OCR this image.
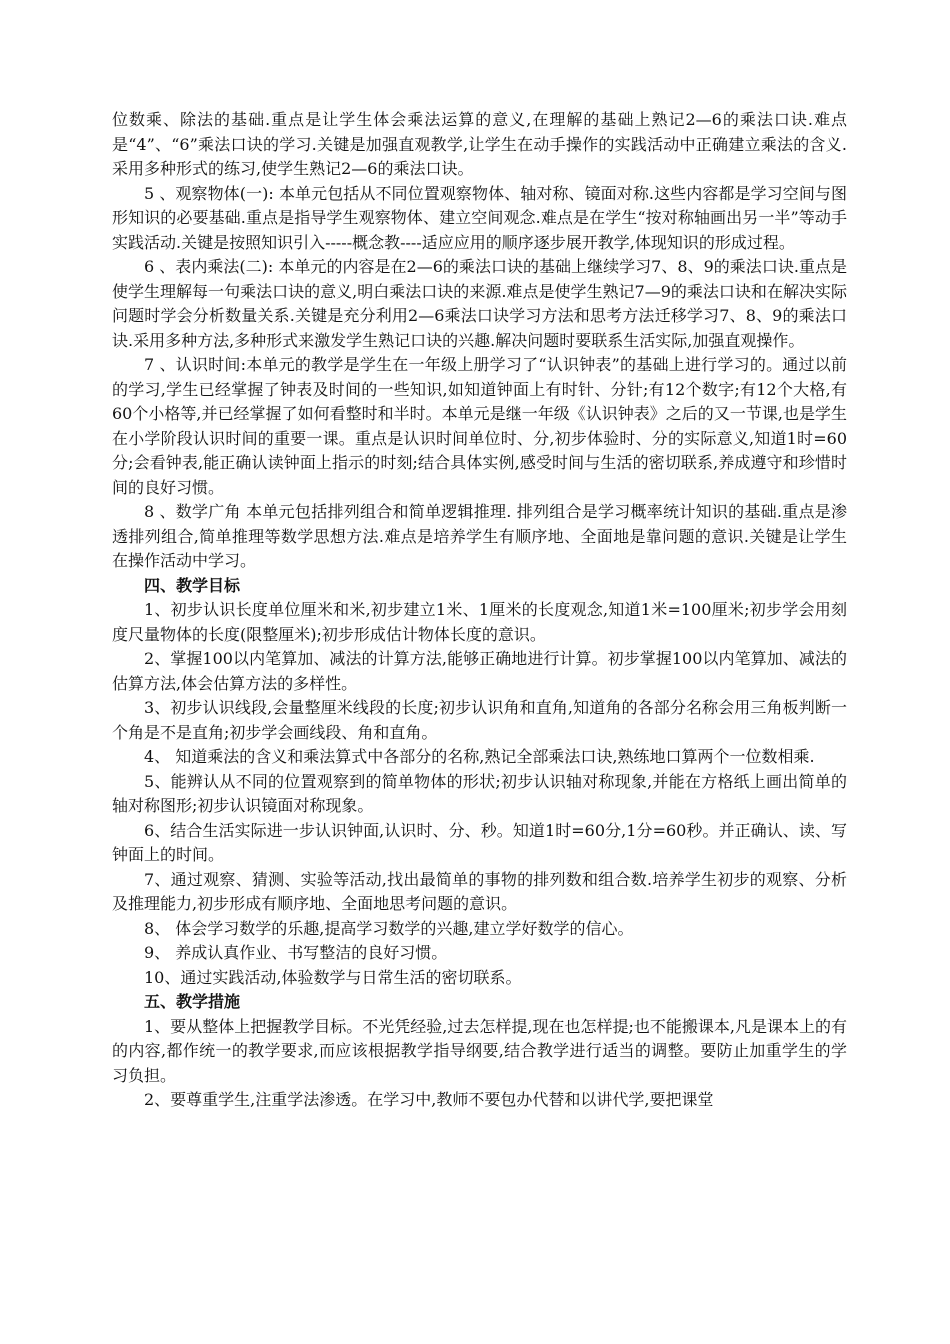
位数乘、除法的基础.重点是让学生体会乘法运算的意义,在理解的基础上熟记2—6的乘法口诀.难点是“4”、“6”乘法口诀的学习.关键是加强直观教学,让学生在动手操作的实践活动中正确建立乘法的含义.采用多种形式的练习,使学生熟记2—6的乘法口诀。

5 、观察物体(一): 本单元包括从不同位置观察物体、轴对称、镜面对称.这些内容都是学习空间与图形知识的必要基础.重点是指导学生观察物体、建立空间观念.难点是在学生“按对称轴画出另一半”等动手实践活动.关键是按照知识引入-----概念教----适应应用的顺序逐步展开教学,体现知识的形成过程。

6 、表内乘法(二): 本单元的内容是在2—6的乘法口诀的基础上继续学习7、8、9的乘法口诀.重点是使学生理解每一句乘法口诀的意义,明白乘法口诀的来源.难点是使学生熟记7—9的乘法口诀和在解决实际问题时学会分析数量关系.关键是充分利用2—6乘法口诀学习方法和思考方法迁移学习7、8、9的乘法口诀.采用多种方法,多种形式来激发学生熟记口诀的兴趣.解决问题时要联系生活实际,加强直观操作。

7 、认识时间:本单元的教学是学生在一年级上册学习了“认识钟表”的基础上进行学习的。通过以前的学习,学生已经掌握了钟表及时间的一些知识,如知道钟面上有时针、分针;有12个数字;有12个大格,有60个小格等,并已经掌握了如何看整时和半时。本单元是继一年级《认识钟表》之后的又一节课,也是学生在小学阶段认识时间的重要一课。重点是认识时间单位时、分,初步体验时、分的实际意义,知道1时=60分;会看钟表,能正确认读钟面上指示的时刻;结合具体实例,感受时间与生活的密切联系,养成遵守和珍惜时间的良好习惯。

8 、数学广角 本单元包括排列组合和简单逻辑推理. 排列组合是学习概率统计知识的基础.重点是渗透排列组合,简单推理等数学思想方法.难点是培养学生有顺序地、全面地是靠问题的意识.关键是让学生在操作活动中学习。

四、教学目标

1、初步认识长度单位厘米和米,初步建立1米、1厘米的长度观念,知道1米=100厘米;初步学会用刻度尺量物体的长度(限整厘米);初步形成估计物体长度的意识。

2、掌握100以内笔算加、减法的计算方法,能够正确地进行计算。初步掌握100以内笔算加、减法的估算方法,体会估算方法的多样性。

3、初步认识线段,会量整厘米线段的长度;初步认识角和直角,知道角的各部分名称会用三角板判断一个角是不是直角;初步学会画线段、角和直角。

4、 知道乘法的含义和乘法算式中各部分的名称,熟记全部乘法口诀,熟练地口算两个一位数相乘.

5、能辨认从不同的位置观察到的简单物体的形状;初步认识轴对称现象,并能在方格纸上画出简单的轴对称图形;初步认识镜面对称现象。

6、结合生活实际进一步认识钟面,认识时、分、秒。知道1时=60分,1分=60秒。并正确认、读、写钟面上的时间。

7、通过观察、猜测、实验等活动,找出最简单的事物的排列数和组合数.培养学生初步的观察、分析及推理能力,初步形成有顺序地、全面地思考问题的意识。

8、 体会学习数学的乐趣,提高学习数学的兴趣,建立学好数学的信心。

9、 养成认真作业、书写整洁的良好习惯。

10、通过实践活动,体验数学与日常生活的密切联系。

五、教学措施

1、要从整体上把握教学目标。不光凭经验,过去怎样提,现在也怎样提;也不能搬课本,凡是课本上的有的内容,都作统一的教学要求,而应该根据教学指导纲要,结合教学进行适当的调整。要防止加重学生的学习负担。

2、要尊重学生,注重学法渗透。在学习中,教师不要包办代替和以讲代学,要把课堂
